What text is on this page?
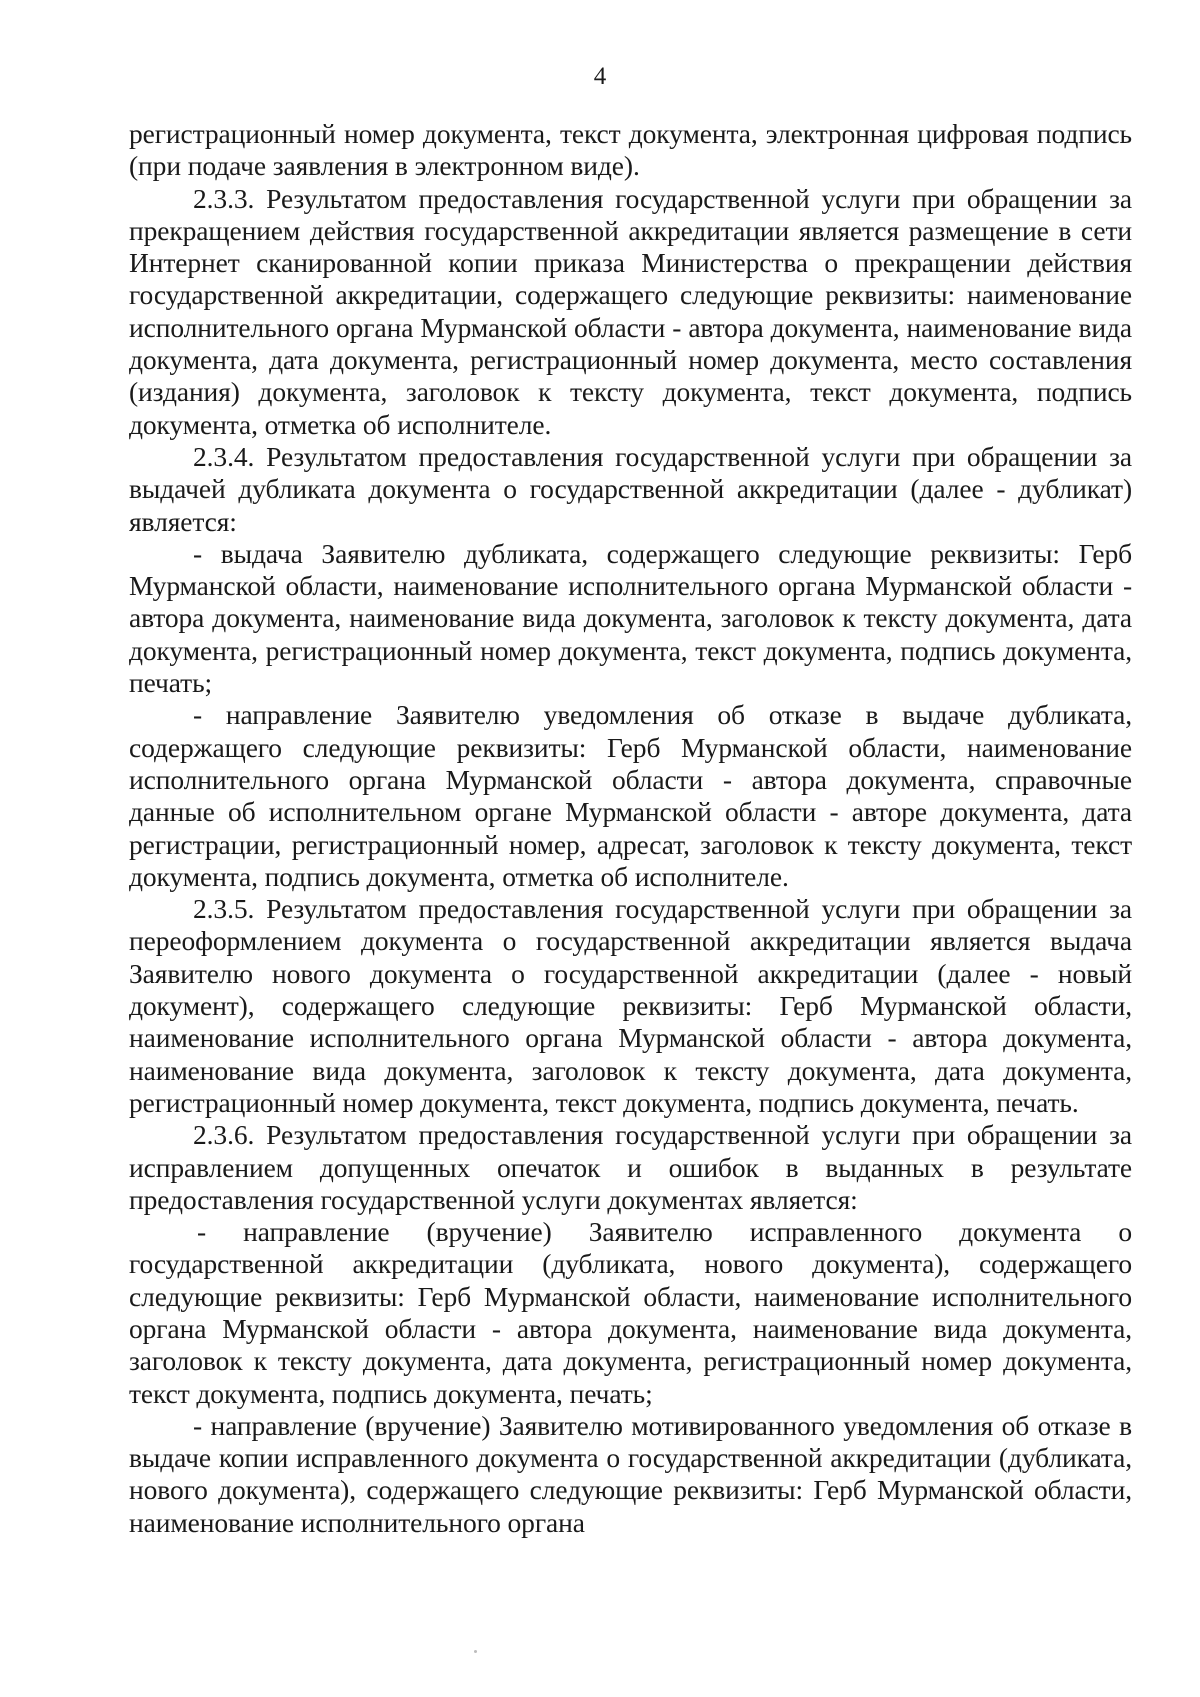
4

регистрационный номер документа, текст документа, электронная цифровая подпись (при подаче заявления в электронном виде).

2.3.3. Результатом предоставления государственной услуги при обращении за прекращением действия государственной аккредитации является размещение в сети Интернет сканированной копии приказа Министерства о прекращении действия государственной аккредитации, содержащего следующие реквизиты: наименование исполнительного органа Мурманской области - автора документа, наименование вида документа, дата документа, регистрационный номер документа, место составления (издания) документа, заголовок к тексту документа, текст документа, подпись документа, отметка об исполнителе.

2.3.4. Результатом предоставления государственной услуги при обращении за выдачей дубликата документа о государственной аккредитации (далее - дубликат) является:

- выдача Заявителю дубликата, содержащего следующие реквизиты: Герб Мурманской области, наименование исполнительного органа Мурманской области - автора документа, наименование вида документа, заголовок к тексту документа, дата документа, регистрационный номер документа, текст документа, подпись документа, печать;

- направление Заявителю уведомления об отказе в выдаче дубликата, содержащего следующие реквизиты: Герб Мурманской области, наименование исполнительного органа Мурманской области - автора документа, справочные данные об исполнительном органе Мурманской области - авторе документа, дата регистрации, регистрационный номер, адресат, заголовок к тексту документа, текст документа, подпись документа, отметка об исполнителе.

2.3.5. Результатом предоставления государственной услуги при обращении за переоформлением документа о государственной аккредитации является выдача Заявителю нового документа о государственной аккредитации (далее - новый документ), содержащего следующие реквизиты: Герб Мурманской области, наименование исполнительного органа Мурманской области - автора документа, наименование вида документа, заголовок к тексту документа, дата документа, регистрационный номер документа, текст документа, подпись документа, печать.

2.3.6. Результатом предоставления государственной услуги при обращении за исправлением допущенных опечаток и ошибок в выданных в результате предоставления государственной услуги документах является:

- направление (вручение) Заявителю исправленного документа о государственной аккредитации (дубликата, нового документа), содержащего следующие реквизиты: Герб Мурманской области, наименование исполнительного органа Мурманской области - автора документа, наименование вида документа, заголовок к тексту документа, дата документа, регистрационный номер документа, текст документа, подпись документа, печать;

- направление (вручение) Заявителю мотивированного уведомления об отказе в выдаче копии исправленного документа о государственной аккредитации (дубликата, нового документа), содержащего следующие реквизиты: Герб Мурманской области, наименование исполнительного органа
